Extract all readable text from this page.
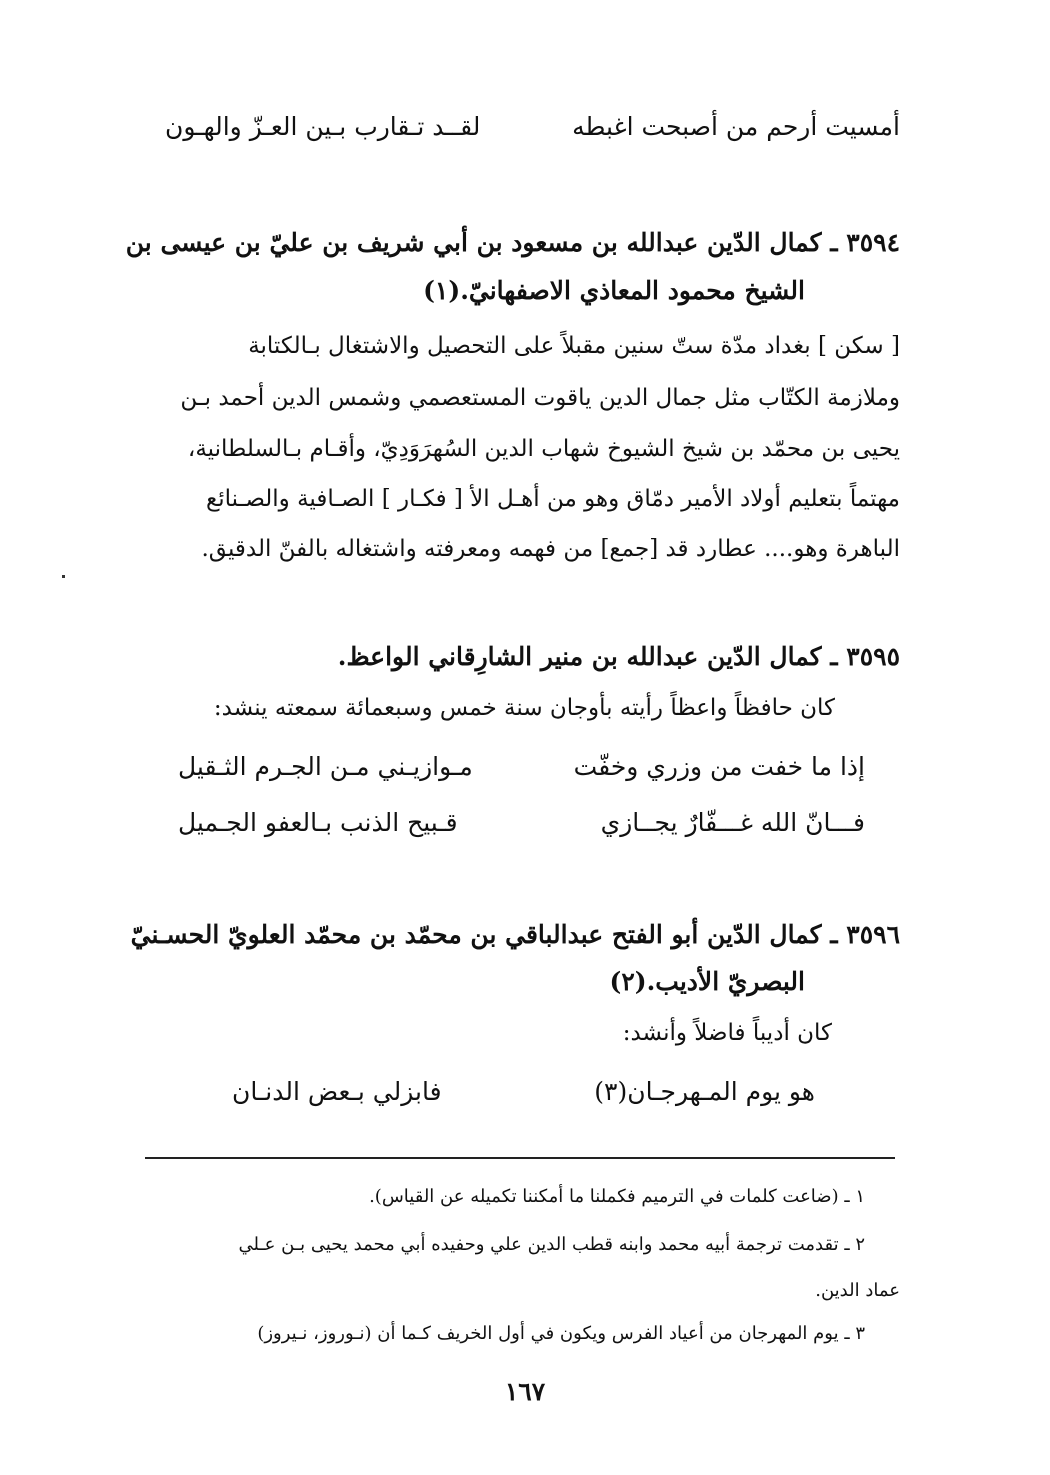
أمسيت أرحم من أصبحت اغبطه
لقــد تـقارب بـين العـزّ والهـون
٣٥٩٤ ـ كمال الدّين عبدالله بن مسعود بن أبي شريف بن عليّ بن عيسى بن
الشيخ محمود المعاذي الاصفهانيّ.(١)
[ سكن ] بغداد مدّة ستّ سنين مقبلاً على التحصيل والاشتغال بـالكتابة
وملازمة الكتّاب مثل جمال الدين ياقوت المستعصمي وشمس الدين أحمد بـن
يحيى بن محمّد بن شيخ الشيوخ شهاب الدين السُهرَوَدِيّ، وأقـام بـالسلطانية،
مهتماً بتعليم أولاد الأمير دمّاق وهو من أهـل الأ [ فكـار ] الصـافية والصـنائع
الباهرة وهو.... عطارد قد [جمع] من فهمه ومعرفته واشتغاله بالفنّ الدقيق.
٣٥٩٥ ـ كمال الدّين عبدالله بن منير الشارِقاني الواعظ.
كان حافظاً واعظاً رأيته بأوجان سنة خمس وسبعمائة سمعته ينشد:
إذا ما خفت من وزري وخفّت
مـوازيـني مـن الجـرم الثـقيل
فـــانّ الله غـــفّارٌ يجــازي
قـبيح الذنب بـالعفو الجـميل
٣٥٩٦ ـ كمال الدّين أبو الفتح عبدالباقي بن محمّد بن محمّد العلويّ الحسـنيّ
البصريّ الأديب.(٢)
كان أديباً فاضلاً وأنشد:
هو يوم المـهرجـان(٣)
فابزلي بـعض الدنـان
١ ـ (ضاعت كلمات في الترميم فكملنا ما أمكننا تكميله عن القياس).
٢ ـ تقدمت ترجمة أبيه محمد وابنه قطب الدين علي وحفيده أبي محمد يحيى بـن عـلي
عماد الدين.
٣ ـ يوم المهرجان من أعياد الفرس ويكون في أول الخريف كـما أن (نـوروز، نـيروز)
١٦٧
